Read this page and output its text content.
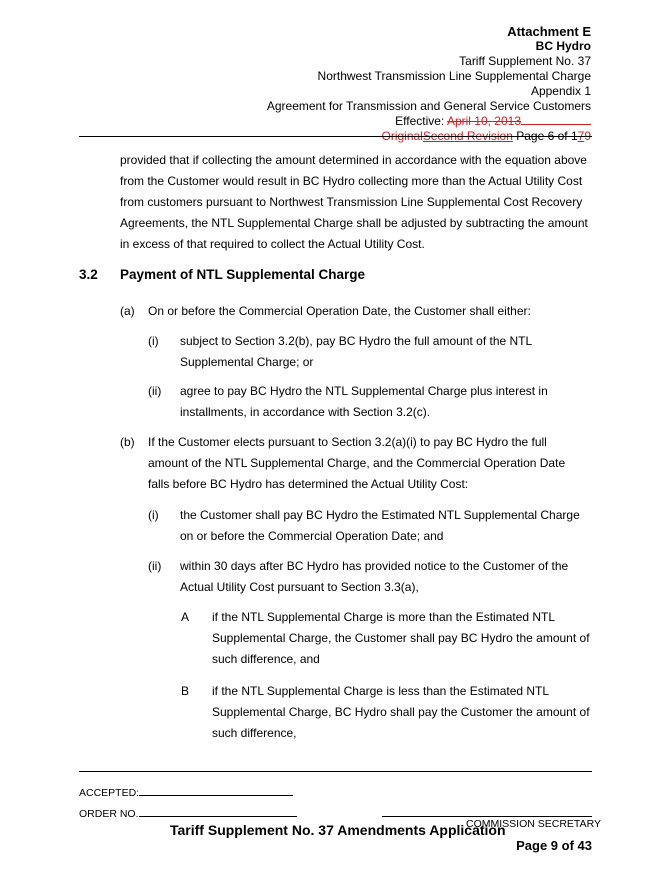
Attachment E
BC Hydro
Tariff Supplement No. 37
Northwest Transmission Line Supplemental Charge
Appendix 1
Agreement for Transmission and General Service Customers
Effective: April 10, 2013
OriginalSecond Revision Page 6 of 179
provided that if collecting the amount determined in accordance with the equation above from the Customer would result in BC Hydro collecting more than the Actual Utility Cost from customers pursuant to Northwest Transmission Line Supplemental Cost Recovery Agreements, the NTL Supplemental Charge shall be adjusted by subtracting the amount in excess of that required to collect the Actual Utility Cost.
3.2 Payment of NTL Supplemental Charge
(a) On or before the Commercial Operation Date, the Customer shall either:
(i) subject to Section 3.2(b), pay BC Hydro the full amount of the NTL Supplemental Charge; or
(ii) agree to pay BC Hydro the NTL Supplemental Charge plus interest in installments, in accordance with Section 3.2(c).
(b) If the Customer elects pursuant to Section 3.2(a)(i) to pay BC Hydro the full amount of the NTL Supplemental Charge, and the Commercial Operation Date falls before BC Hydro has determined the Actual Utility Cost:
(i) the Customer shall pay BC Hydro the Estimated NTL Supplemental Charge on or before the Commercial Operation Date; and
(ii) within 30 days after BC Hydro has provided notice to the Customer of the Actual Utility Cost pursuant to Section 3.3(a),
A if the NTL Supplemental Charge is more than the Estimated NTL Supplemental Charge, the Customer shall pay BC Hydro the amount of such difference, and
B if the NTL Supplemental Charge is less than the Estimated NTL Supplemental Charge, BC Hydro shall pay the Customer the amount of such difference,
ACCEPTED:
ORDER NO.
COMMISSION SECRETARY
Tariff Supplement No. 37 Amendments Application
Page 9 of 43
